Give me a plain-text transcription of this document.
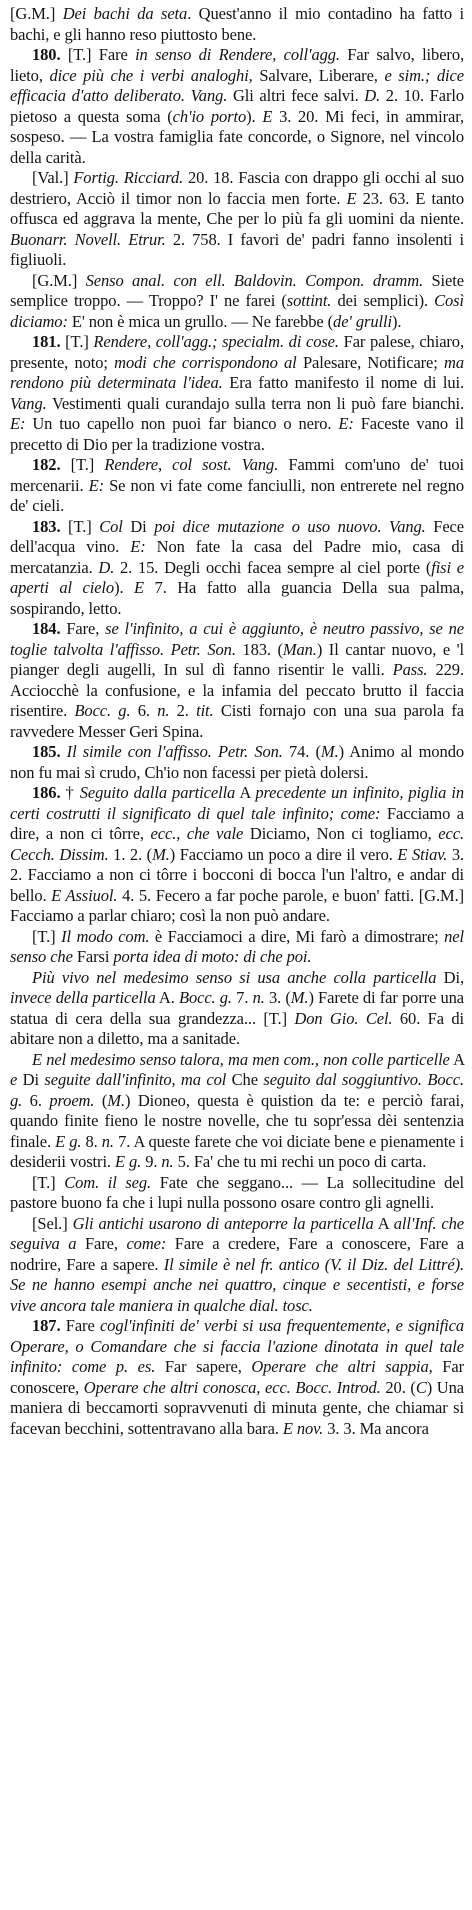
[G.M.] Dei bachi da seta. Quest'anno il mio contadino ha fatto i bachi, e gli hanno reso piuttosto bene.

180. [T.] Fare in senso di Rendere, coll'agg. Far salvo, libero, lieto, dice più che i verbi analoghi, Salvare, Liberare, e sim.; dice efficacia d'atto deliberato. Vang. Gli altri fece salvi. D. 2. 10. Farlo pietoso a questa soma (ch'io porto). E 3. 20. Mi feci, in ammirar, sospeso. — La vostra famiglia fate concorde, o Signore, nel vincolo della carità.

[Val.] Fortig. Ricciard. 20. 18. Fascia con drappo gli occhi al suo destriero, Acciò il timor non lo faccia men forte. E 23. 63. E tanto offusca ed aggrava la mente, Che per lo più fa gli uomini da niente. Buonarr. Novell. Etrur. 2. 758. I favori de' padri fanno insolenti i figliuoli.

[G.M.] Senso anal. con ell. Baldovin. Compon. dramm. Siete semplice troppo. — Troppo? I' ne farei (sottint. dei semplici). Così diciamo: E' non è mica un grullo. — Ne farebbe (de' grulli).

181. [T.] Rendere, coll'agg.; specialm. di cose. Far palese, chiaro, presente, noto; modi che corrispondono al Palesare, Notificare; ma rendono più determinata l'idea. Era fatto manifesto il nome di lui. Vang. Vestimenti quali curandajo sulla terra non li può fare bianchi. E: Un tuo capello non puoi far bianco o nero. E: Faceste vano il precetto di Dio per la tradizione vostra.

182. [T.] Rendere, col sost. Vang. Fammi com'uno de' tuoi mercenarii. E: Se non vi fate come fanciulli, non entrerete nel regno de' cieli.

183. [T.] Col Di poi dice mutazione o uso nuovo. Vang. Fece dell'acqua vino. E: Non fate la casa del Padre mio, casa di mercatanzia. D. 2. 15. Degli occhi facea sempre al ciel porte (fisi e aperti al cielo). E 7. Ha fatto alla guancia Della sua palma, sospirando, letto.

184. Fare, se l'infinito, a cui è aggiunto, è neutro passivo, se ne toglie talvolta l'affisso. Petr. Son. 183. (Man.) Il cantar nuovo, e 'l pianger degli augelli, In sul dì fanno risentir le valli. Pass. 229. Acciocchè la confusione, e la infamia del peccato brutto il faccia risentire. Bocc. g. 6. n. 2. tit. Cisti fornajo con una sua parola fa ravvedere Messer Geri Spina.

185. Il simile con l'affisso. Petr. Son. 74. (M.) Animo al mondo non fu mai sì crudo, Ch'io non facessi per pietà dolersi.

186. † Seguito dalla particella A precedente un infinito, piglia in certi costrutti il significato di quel tale infinito; come: Facciamo a dire, a non ci tôrre, ecc., che vale Diciamo, Non ci togliamo, ecc. Cecch. Dissim. 1. 2. (M.) Facciamo un poco a dire il vero. E Stiav. 3. 2. Facciamo a non ci tôrre i bocconi di bocca l'un l'altro, e andar di bello. E Assiuol. 4. 5. Fecero a far poche parole, e buon' fatti. [G.M.] Facciamo a parlar chiaro; così la non può andare.

[T.] Il modo com. è Facciamoci a dire, Mi farò a dimostrare; nel senso che Farsi porta idea di moto: di che poi.

Più vivo nel medesimo senso si usa anche colla particella Di, invece della particella A. Bocc. g. 7. n. 3. (M.) Farete di far porre una statua di cera della sua grandezza... [T.] Don Gio. Cel. 60. Fa di abitare non a diletto, ma a sanitade.

E nel medesimo senso talora, ma men com., non colle particelle A e Di seguite dall'infinito, ma col Che seguito dal soggiuntivo. Bocc. g. 6. proem. (M.) Dioneo, questa è quistion da te: e perciò farai, quando finite fieno le nostre novelle, che tu sopr'essa dèi sentenzia finale. E g. 8. n. 7. A queste farete che voi diciate bene e pienamente i desiderii vostri. E g. 9. n. 5. Fa' che tu mi rechi un poco di carta.

[T.] Com. il seg. Fate che seggano... — La sollecitudine del pastore buono fa che i lupi nulla possono osare contro gli agnelli.

[Sel.] Gli antichi usarono di anteporre la particella A all'Inf. che seguiva a Fare, come: Fare a credere, Fare a conoscere, Fare a nodrire, Fare a sapere. Il simile è nel fr. antico (V. il Diz. del Littré). Se ne hanno esempi anche nei quattro, cinque e secentisti, e forse vive ancora tale maniera in qualche dial. tosc.

187. Fare cogl'infiniti de' verbi si usa frequentemente, e significa Operare, o Comandare che si faccia l'azione dinotata in quel tale infinito: come p. es. Far sapere, Operare che altri sappia, Far conoscere, Operare che altri conosca, ecc. Bocc. Introd. 20. (C) Una maniera di beccamorti sopravvenuti di minuta gente, che chiamar si facevan becchini, sottentravano alla bara. E nov. 3. 3. Ma ancora
